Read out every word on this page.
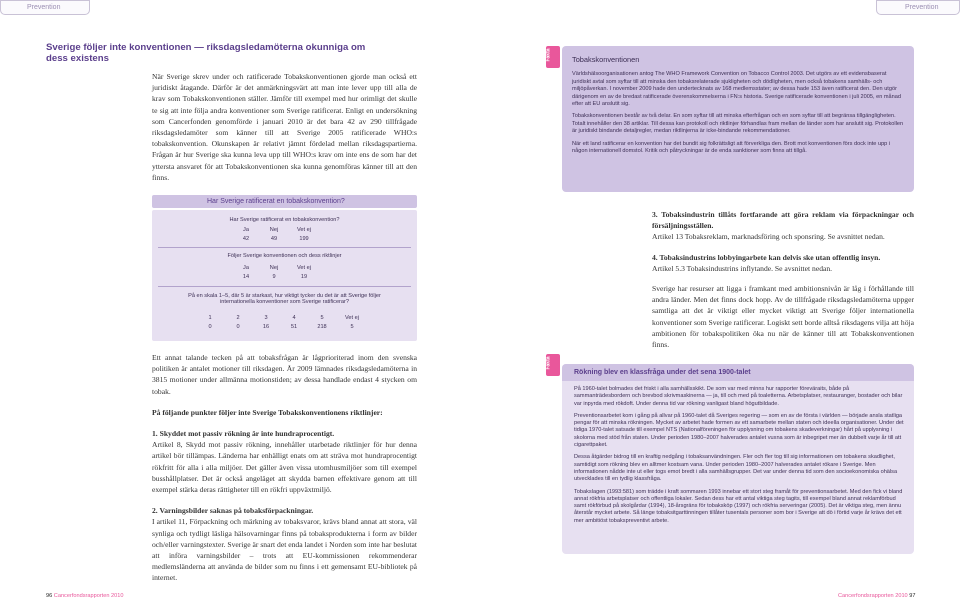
Prevention	Prevention
Sverige följer inte konventionen — riksdagsledamöterna okunniga om dess existens

När Sverige skrev under och ratificerade Tobakskonventionen gjorde man också ett juridiskt åtagande. Därför är det anmärkningsvärt att man inte lever upp till alla de krav som Tobakskonventionen ställer. Jämför till exempel med hur orimligt det skulle te sig att inte följa andra konventioner som Sverige ratificerat. Enligt en undersökning som Cancerfonden genomförde i januari 2010 är det bara 42 av 290 tillfrågade riksdagsledamöter som känner till att Sverige 2005 ratificerade WHO:s tobakskonvention. Okunskapen är relativt jämnt fördelad mellan riksdagspartierna. Frågan är hur Sverige ska kunna leva upp till WHO:s krav om inte ens de som har det yttersta ansvaret för att Tobakskonventionen ska kunna genomföras känner till att den finns.

Fakta	Tobakskonventionen

Världshälsoorganisationen antog The WHO Framework Convention on Tobacco Control 2003. Det utgörs av ett evidensbaserat juridiskt avtal som syftar till att minska den tobaksrelaterade sjukligheten och dödligheten, men också tobakens samhälls- och miljöpåverkan. I november 2009 hade den undertecknats av 168 medlemsstater; av dessa hade 153 även ratificerat den. Den utgör därigenom en av de bredast ratificerade överenskommelserna i FN:s historia. Sverige ratificerade konventionen i juli 2005, en månad efter att EU anslutit sig.

Tobakskonventionen består av två delar. En som syftar till att minska efterfrågan och en som syftar till att begränsa tillgängligheten. Totalt innehåller den 38 artiklar. Till dessa kan protokoll och riktlinjer förhandlas fram mellan de länder som har anslutit sig. Protokollen är juridiskt bindande detaljregler, medan riktlinjerna är icke-bindande rekommendationer.

När ett land ratificerar en konvention har det bundit sig folkrättsligt att förverkliga den. Brott mot konventionen förs dock inte upp i någon internationell domstol. Kritik och påtryckningar är de enda sanktioner som finns att tillgå.

Har Sverige ratificerat en tobakskonvention?
Har Sverige ratificerat en tobakskonvention?
Ja	Nej	Vet ej
42	49	199
Följer Sverige konventionen och dess riktlinjer
Ja	Nej	Vet ej
14	9	19
På en skala 1–5, där 5 är starkast, hur viktigt tycker du det är att Sverige följer internationella konventioner som Sverige ratificerar?
1	2	3	4	5	Vet ej
0	0	16	51	218	5

Ett annat talande tecken på att tobaksfrågan är lågprioriterad inom den svenska politiken är antalet motioner till riksdagen. År 2009 lämnades riksdagsledamöterna in 3815 motioner under allmänna motionstiden; av dessa handlade endast 4 stycken om tobak.

På följande punkter följer inte Sverige Tobakskonventionens riktlinjer:

1. Skyddet mot passiv rökning är inte hundraprocentigt.
Artikel 8, Skydd mot passiv rökning, innehåller utarbetade riktlinjer för hur denna artikel bör tillämpas. Länderna har enhälligt enats om att sträva mot hundraprocentigt rökfritt för alla i alla miljöer. Det gäller även vissa utomhusmiljöer som till exempel busshållplatser. Det är också angeläget att skydda barnen effektivare genom att till exempel stärka deras rättigheter till en rökfri uppväxtmiljö.

2. Varningsbilder saknas på tobaksförpackningar.
I artikel 11, Förpackning och märkning av tobaksvaror, krävs bland annat att stora, väl synliga och tydligt läsliga hälsovarningar finns på tobaksprodukterna i form av bilder och/eller varningstexter. Sverige är snart det enda landet i Norden som inte har beslutat att införa varningsbilder – trots att EU-kommissionen rekommenderar medlemsländerna att använda de bilder som nu finns i ett gemensamt EU-bibliotek på internet.

3. Tobaksindustrin tillåts fortfarande att göra reklam via förpackningar och försäljningsställen.
Artikel 13 Tobaksreklam, marknadsföring och sponsring. Se avsnittet nedan.

4. Tobaksindustrins lobbyingarbete kan delvis ske utan offentlig insyn.
Artikel 5.3 Tobaksindustrins inflytande. Se avsnittet nedan.

Sverige har resurser att ligga i framkant med ambitionsnivån är låg i förhållande till andra länder. Men det finns dock hopp. Av de tillfrågade riksdagsledamöterna uppger samtliga att det är viktigt eller mycket viktigt att Sverige följer internationella konventioner som Sverige ratificerar. Logiskt sett borde alltså riksdagens vilja att höja ambitionen för tobakspolitiken öka nu när de känner till att Tobakskonventionen finns.

Fakta
Rökning blev en klassfråga under det sena 1900-talet

På 1960-talet bolmades det friskt i alla samhällsskikt. De som var med minns hur rapporter föreväraits, både på sammanträdesbordern och brevbod skrivmaskinerna — ja, till och med på toaletterna. Arbetsplatser, restauranger, bostader och bilar var inpyrda med rökdoft. Under denna tid var rökning vanligast bland högutbildade.

Preventionsarbetet kom i gång på allvar på 1960-talet då Sveriges regering — som en av de första i världen — började ansla statliga pengar för att minska rökningen. Mycket av arbetet hade formen av ett samarbete mellan staten och ideella organisationer. Under det tidiga 1970-talet satsade till exempel NTS (Nationalföreningen för upplysning om tobakens skadeverkningar) hårt på upplysning i skolorna med stöd från staten. Under perioden 1980–2007 halverades antalet vuxna som är inbegripet mer än dubbelt varje år till att cigarettpaket.

Dessa åtgärder bidrog till en kraftig nedgång i tobaksanvändningen. Fler och fler tog till sig informationen om tobakens skadlighet, samtidigt som rökning blev en alltmer kostsam vana. Under perioden 1980–2007 halverades antalet rökare i Sverige. Men informationen nådde inte ut eller togs emot bredt i alla samhällsgrupper. Det var under denna tid som den socioekonomiska ohälsa utvecklades till en tydlig klassfråga.

Tobakslagen (1993:581) som trädde i kraft sommaren 1993 innebar ett stort steg framåt för preventionsarbetet. Med den fick vi bland annat rökfria arbetsplatser och offentliga lokaler. Sedan dess har ett antal viktiga steg tagits, till exempel bland annat reklamförbud samt rökförbud på skolgårdar (1994), 18-årsgräns för tobaksköp (1997) och rökfria serveringar (2005). Det är viktiga steg, men ännu återstår mycket arbete. Så länge tobaksitgarttinningen tillåter tusentals personer som bor i Sverige att dö i förtid varje år krävs det ett mer ambitiöst tobakspreventivt arbete.

96 Cancerfondsrapporten 2010	Cancerfondsrapporten 2010 97
